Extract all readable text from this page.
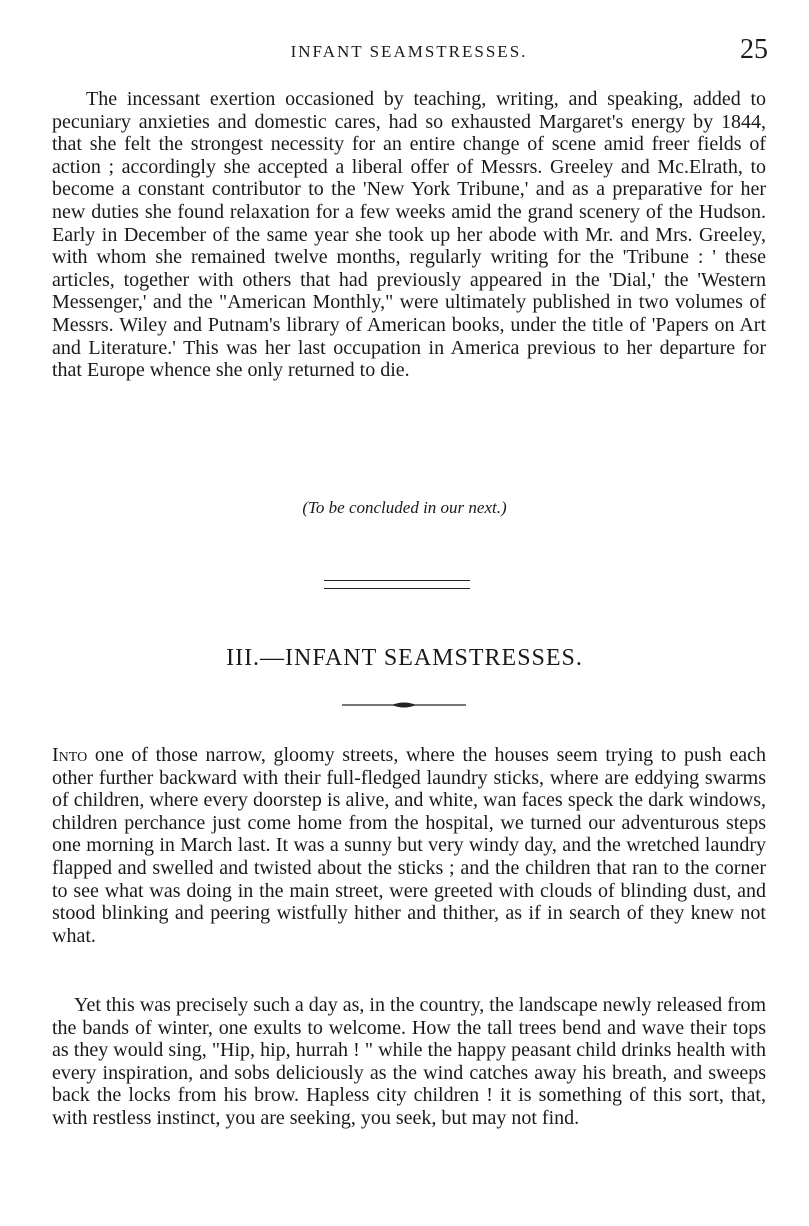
INFANT SEAMSTRESSES.	25

The incessant exertion occasioned by teaching, writing, and speaking, added to pecuniary anxieties and domestic cares, had so exhausted Margaret's energy by 1844, that she felt the strongest necessity for an entire change of scene amid freer fields of action ; accordingly she accepted a liberal offer of Messrs. Greeley and Mc.Elrath, to become a constant contributor to the 'New York Tribune,' and as a preparative for her new duties she found relaxation for a few weeks amid the grand scenery of the Hudson. Early in December of the same year she took up her abode with Mr. and Mrs. Greeley, with whom she remained twelve months, regularly writing for the 'Tribune : ' these articles, together with others that had previously appeared in the 'Dial,' the 'Western Messenger,' and the "American Monthly," were ultimately published in two volumes of Messrs. Wiley and Putnam's library of American books, under the title of 'Papers on Art and Literature.' This was her last occupation in America previous to her departure for that Europe whence she only returned to die.

(To be concluded in our next.)
III.—INFANT SEAMSTRESSES.

Into one of those narrow, gloomy streets, where the houses seem trying to push each other further backward with their full-fledged laundry sticks, where are eddying swarms of children, where every doorstep is alive, and white, wan faces speck the dark windows, children perchance just come home from the hospital, we turned our adventurous steps one morning in March last. It was a sunny but very windy day, and the wretched laundry flapped and swelled and twisted about the sticks ; and the children that ran to the corner to see what was doing in the main street, were greeted with clouds of blinding dust, and stood blinking and peering wistfully hither and thither, as if in search of they knew not what.

Yet this was precisely such a day as, in the country, the landscape newly released from the bands of winter, one exults to welcome. How the tall trees bend and wave their tops as they would sing, "Hip, hip, hurrah ! " while the happy peasant child drinks health with every inspiration, and sobs deliciously as the wind catches away his breath, and sweeps back the locks from his brow. Hapless city children ! it is something of this sort, that, with restless instinct, you are seeking, you seek, but may not find.
